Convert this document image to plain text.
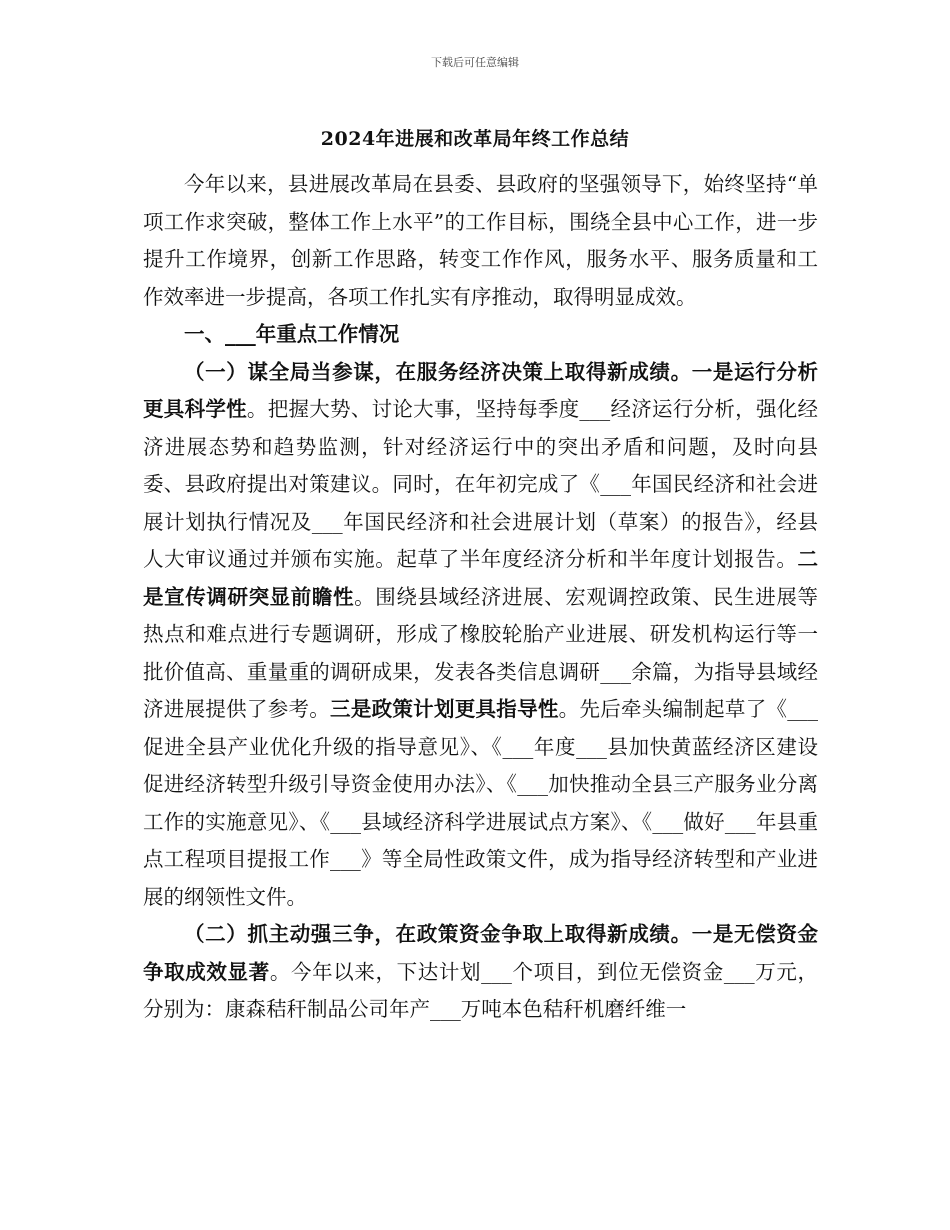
下载后可任意编辑
2024年进展和改革局年终工作总结

今年以来，县进展改革局在县委、县政府的坚强领导下，始终坚持“单项工作求突破，整体工作上水平”的工作目标，围绕全县中心工作，进一步提升工作境界，创新工作思路，转变工作作风，服务水平、服务质量和工作效率进一步提高，各项工作扎实有序推动，取得明显成效。

一、___年重点工作情况

（一）谋全局当参谋，在服务经济决策上取得新成绩。一是运行分析更具科学性。把握大势、讨论大事，坚持每季度___经济运行分析，强化经济进展态势和趋势监测，针对经济运行中的突出矛盾和问题，及时向县委、县政府提出对策建议。同时，在年初完成了《___年国民经济和社会进展计划执行情况及___年国民经济和社会进展计划（草案）的报告》，经县人大审议通过并颁布实施。起草了半年度经济分析和半年度计划报告。二是宣传调研突显前瞻性。围绕县域经济进展、宏观调控政策、民生进展等热点和难点进行专题调研，形成了橡胶轮胎产业进展、研发机构运行等一批价值高、重量重的调研成果，发表各类信息调研___余篇，为指导县域经济进展提供了参考。三是政策计划更具指导性。先后牵头编制起草了《___促进全县产业优化升级的指导意见》、《___年度___县加快黄蓝经济区建设促进经济转型升级引导资金使用办法》、《___加快推动全县三产服务业分离工作的实施意见》、《___县域经济科学进展试点方案》、《___做好___年县重点工程项目提报工作___》等全局性政策文件，成为指导经济转型和产业进展的纲领性文件。

（二）抓主动强三争，在政策资金争取上取得新成绩。一是无偿资金争取成效显著。今年以来，下达计划___个项目，到位无偿资金___万元，分别为：康森秸秆制品公司年产___万吨本色秸秆机磨纤维一
